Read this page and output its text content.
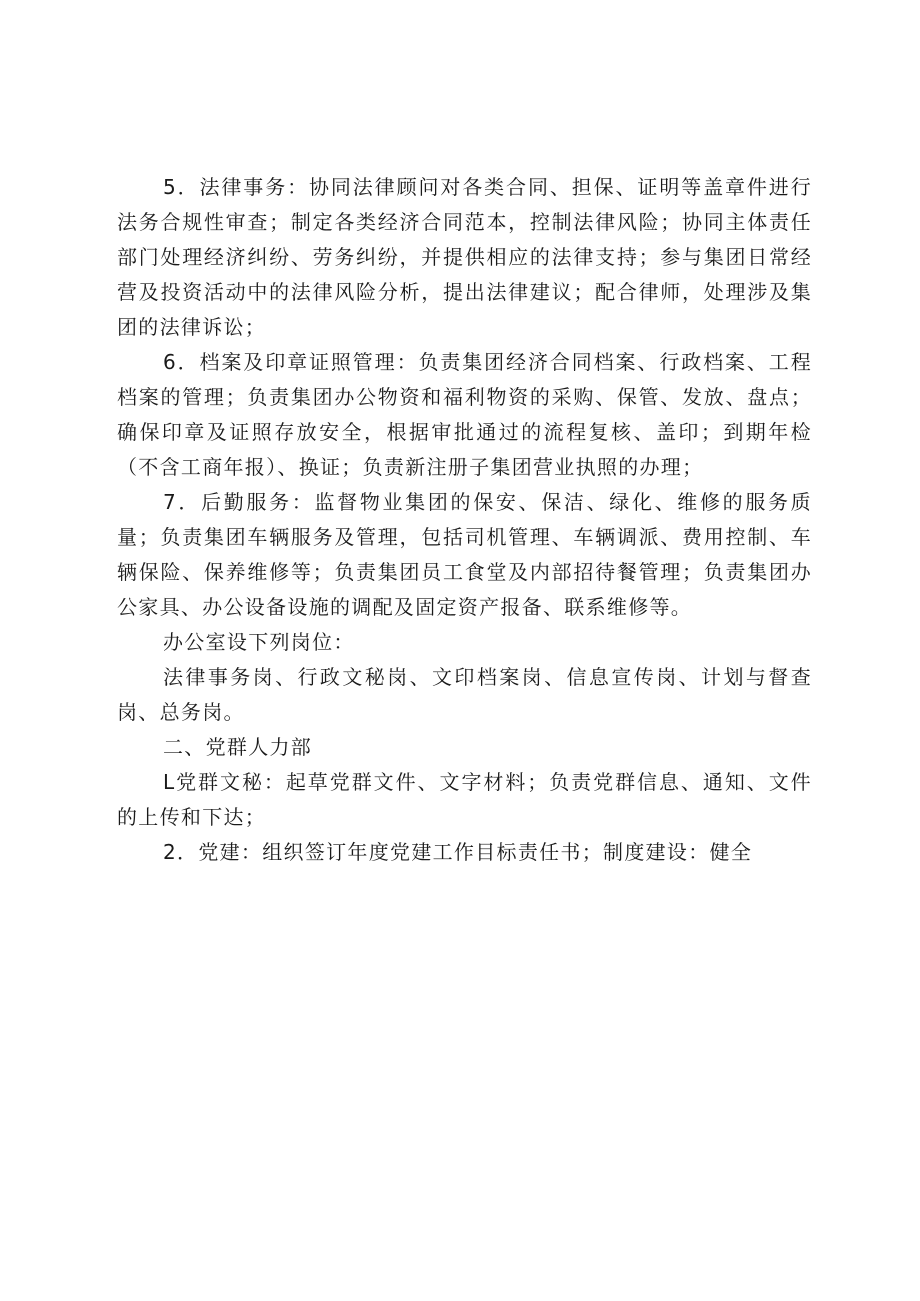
5．法律事务：协同法律顾问对各类合同、担保、证明等盖章件进行法务合规性审查；制定各类经济合同范本，控制法律风险；协同主体责任部门处理经济纠纷、劳务纠纷，并提供相应的法律支持；参与集团日常经营及投资活动中的法律风险分析，提出法律建议；配合律师，处理涉及集团的法律诉讼；

6．档案及印章证照管理：负责集团经济合同档案、行政档案、工程档案的管理；负责集团办公物资和福利物资的采购、保管、发放、盘点；确保印章及证照存放安全，根据审批通过的流程复核、盖印；到期年检（不含工商年报）、换证；负责新注册子集团营业执照的办理；

7．后勤服务：监督物业集团的保安、保洁、绿化、维修的服务质量；负责集团车辆服务及管理，包括司机管理、车辆调派、费用控制、车辆保险、保养维修等；负责集团员工食堂及内部招待餐管理；负责集团办公家具、办公设备设施的调配及固定资产报备、联系维修等。

办公室设下列岗位：

法律事务岗、行政文秘岗、文印档案岗、信息宣传岗、计划与督查岗、总务岗。

二、党群人力部

L党群文秘：起草党群文件、文字材料；负责党群信息、通知、文件的上传和下达；

2．党建：组织签订年度党建工作目标责任书；制度建设：健全
